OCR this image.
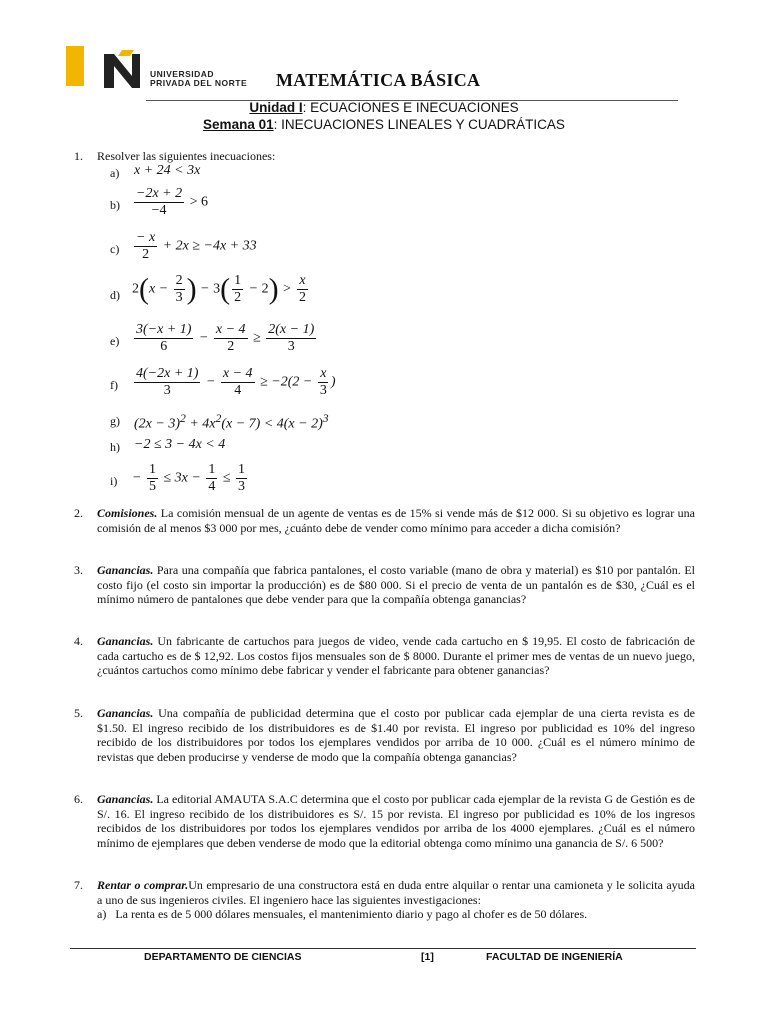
UNIVERSIDAD
PRIVADA DEL NORTE MATEMÁTICA BÁSICA
Unidad I: ECUACIONES E INECUACIONES
Semana 01: INECUACIONES LINEALES Y CUADRÁTICAS
1. Resolver las siguientes inecuaciones:
a) x + 24 < 3x
$b) \frac{-2x + 2}{-4} > 6$
$c) \frac{- x}{2} + 2x \ge -4x + 33$
d) $2(x - \frac{2}{3}$ ) − $3( \frac{1}{2} - 2) > \frac{x}{2}$
$e) \frac{3(-x + 1)}{6} - \frac{x - 4}{2} \ge \frac{2(x - 1)}{3}$
$f) \frac{4(-2x + 1)}{3} - \frac{x - 4}{4} \ge -2(2 - \frac{x}{3}$ )
g) $(2x - 3)^2 + 4x^2(x - 7) < 4(x - 2)^3$
h) −2 ≤ 3 − 4x < 4
$i) - \frac{1}{5} \le 3x - \frac{1}{4} \le \frac{1}{3}$
2. Comisiones. La comisión mensual de un agente de ventas es de 15% si vende más de $12 000. Si su objetivo es lograr una comisión de al menos $3 000 por mes, ¿cuánto debe de vender como mínimo para acceder a dicha comisión?
3. Ganancias. Para una compañía que fabrica pantalones, el costo variable (mano de obra y material) es $10 por pantalón. El costo fijo (el costo sin importar la producción) es de $80 000. Si el precio de venta de un pantalón es de $30, ¿Cuál es el mínimo número de pantalones que debe vender para que la compañía obtenga ganancias?
4. Ganancias. Un fabricante de cartuchos para juegos de video, vende cada cartucho en $ 19,95. El costo de fabricación de cada cartucho es de $ 12,92. Los costos fijos mensuales son de $ 8000. Durante el primer mes de ventas de un nuevo juego, ¿cuántos cartuchos como mínimo debe fabricar y vender el fabricante para obtener ganancias?
5. Ganancias. Una compañía de publicidad determina que el costo por publicar cada ejemplar de una cierta revista es de $1.50. El ingreso recibido de los distribuidores es de $1.40 por revista. El ingreso por publicidad es 10% del ingreso recibido de los distribuidores por todos los ejemplares vendidos por arriba de 10 000. ¿Cuál es el número mínimo de revistas que deben producirse y venderse de modo que la compañía obtenga ganancias?
6. Ganancias. La editorial AMAUTA S.A.C determina que el costo por publicar cada ejemplar de la revista G de Gestión es de S/. 16. El ingreso recibido de los distribuidores es S/. 15 por revista. El ingreso por publicidad es 10% de los ingresos recibidos de los distribuidores por todos los ejemplares vendidos por arriba de los 4000 ejemplares. ¿Cuál es el número mínimo de ejemplares que deben venderse de modo que la editorial obtenga como mínimo una ganancia de S/. 6 500?
7. Rentar o comprar.Un empresario de una constructora está en duda entre alquilar o rentar una camioneta y le solicita ayuda a uno de sus ingenieros civiles. El ingeniero hace las siguientes investigaciones:
a) La renta es de 5 000 dólares mensuales, el mantenimiento diario y pago al chofer es de 50 dólares.
DEPARTAMENTO DE CIENCIAS	[1]	FACULTAD DE INGENIERÍA
